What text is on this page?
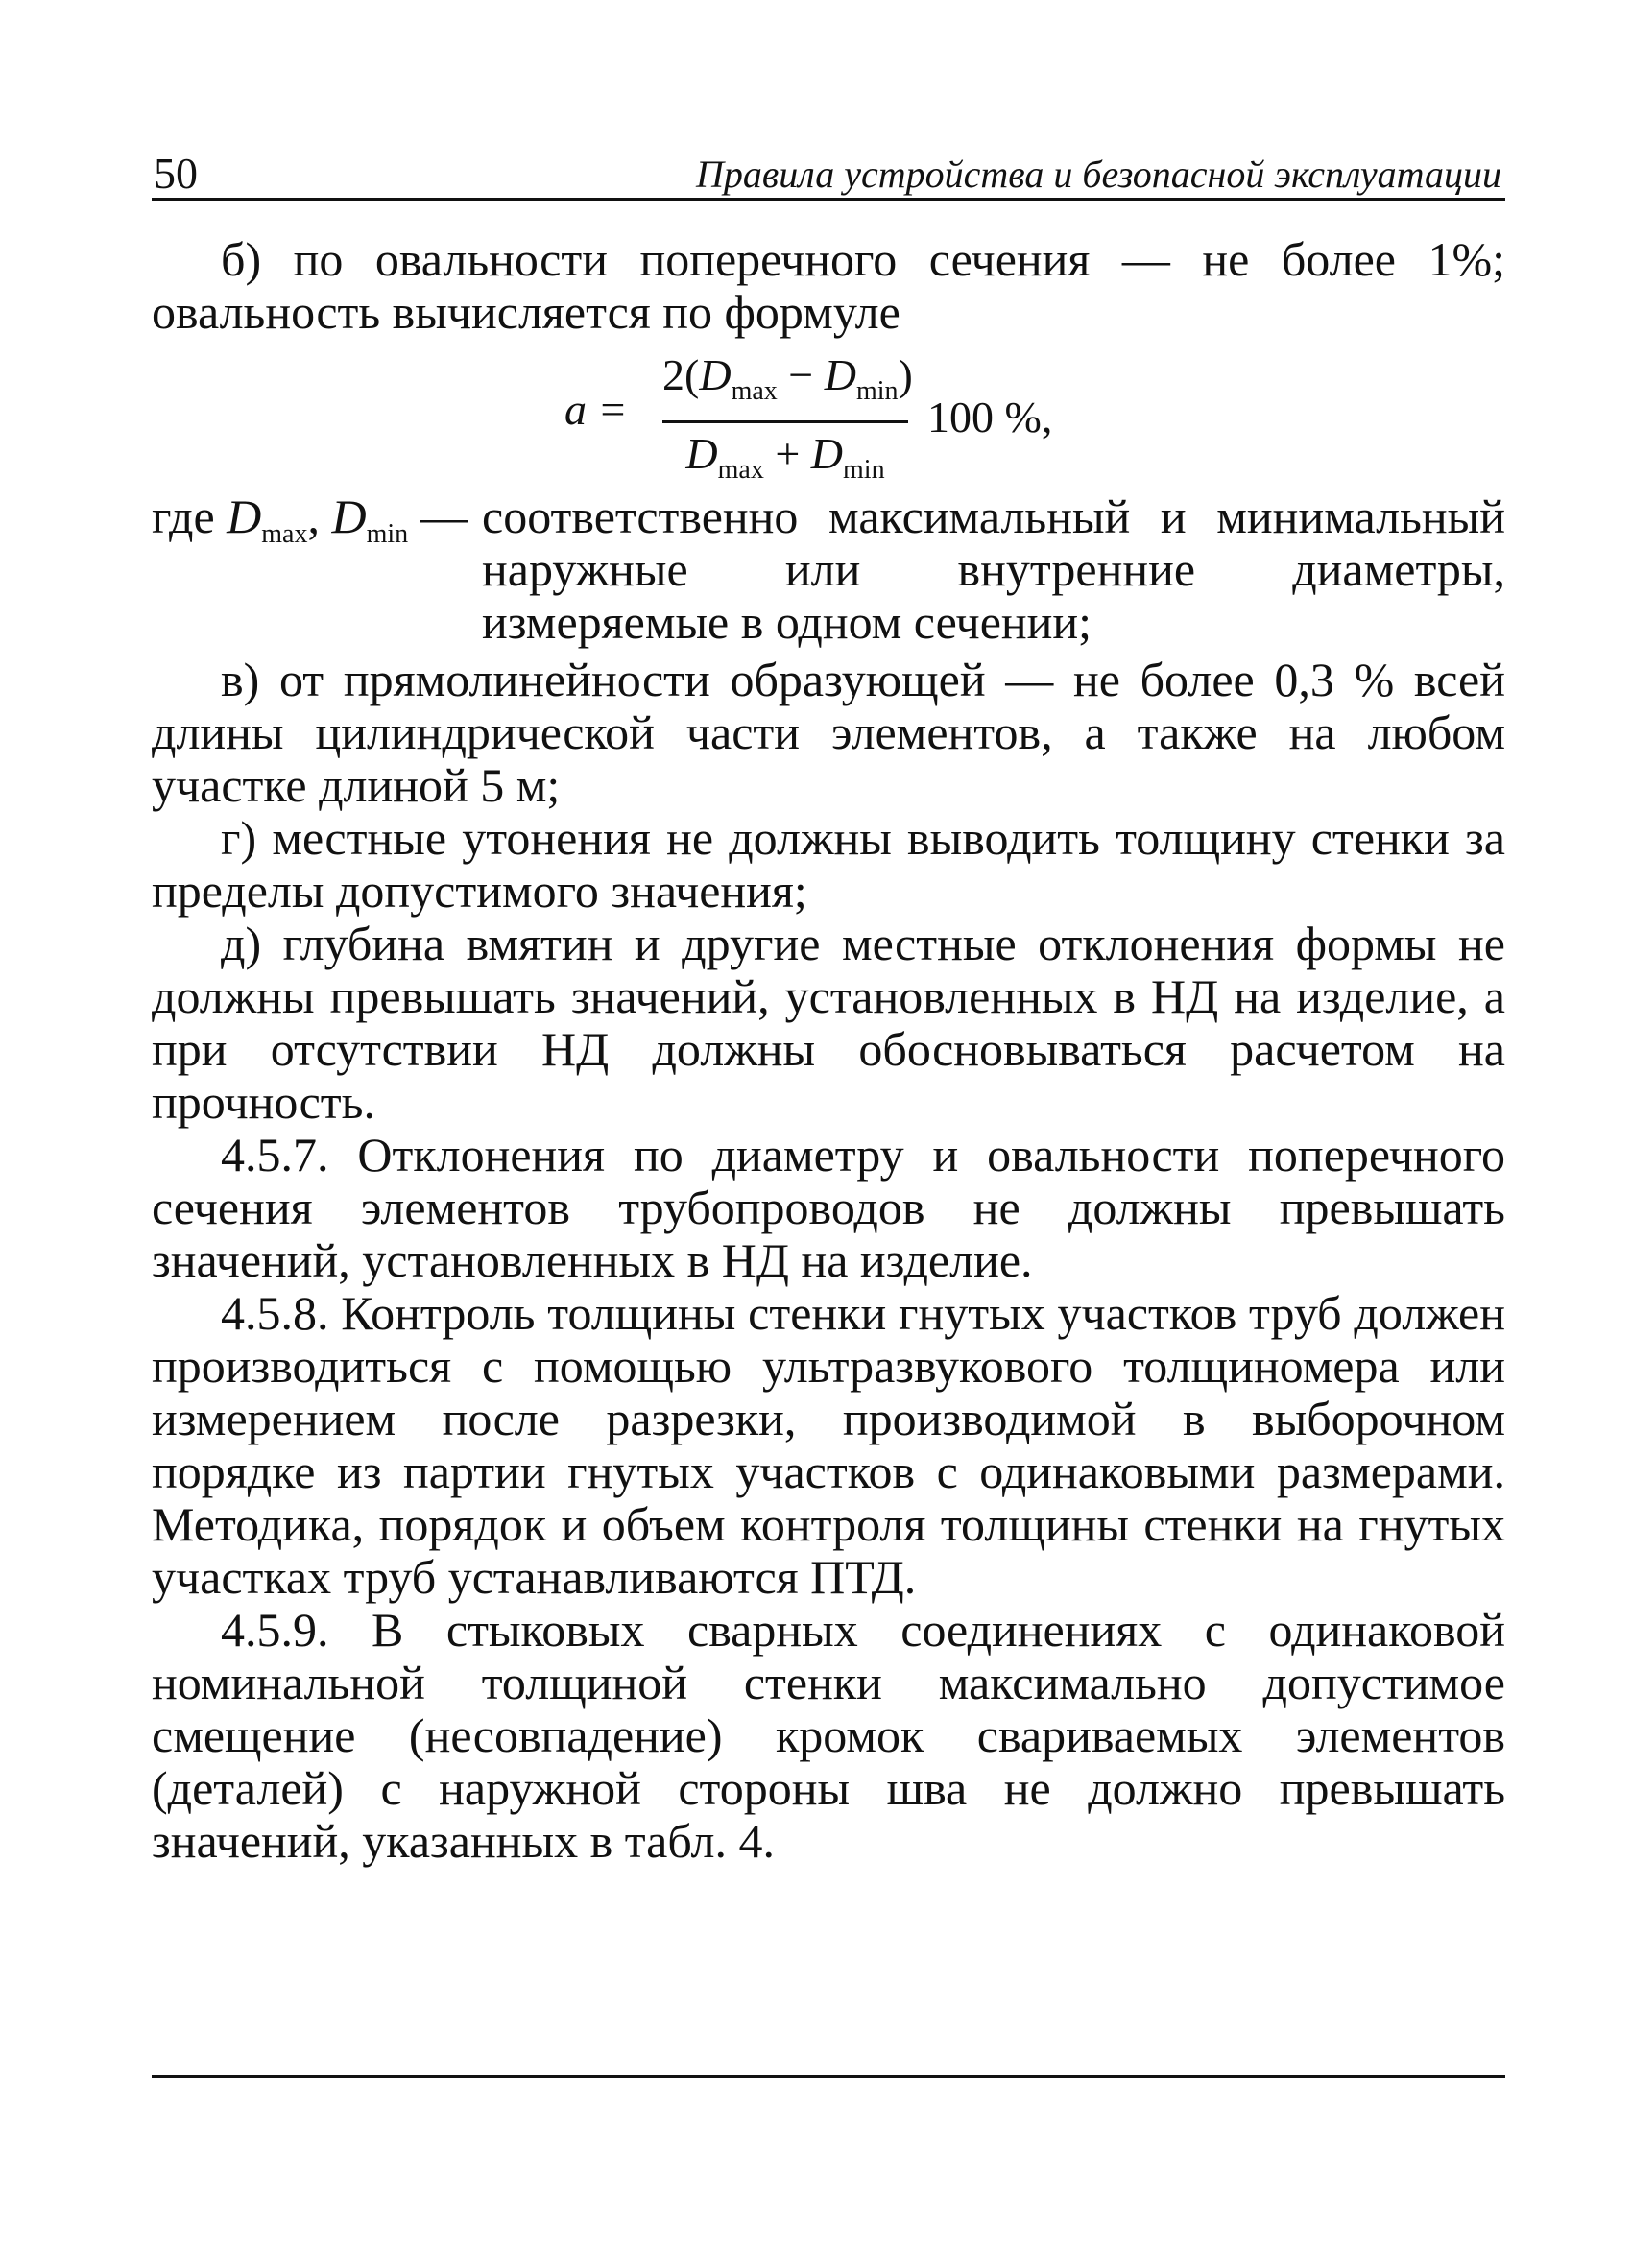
50	Правила устройства и безопасной эксплуатации

б) по овальности поперечного сечения — не более 1%; овальность вычисляется по формуле

a =
$2(D_{max} - D_{min})$
$D_{max} + D_{min}$
100 %,
где $D_{max}$, $D_{min}$ — соответственно максимальный и минимальный наружные или внутренние диаметры, измеряемые в одном сечении;

в) от прямолинейности образующей — не более 0,3 % всей длины цилиндрической части элементов, а также на любом участке длиной 5 м;

г) местные утонения не должны выводить толщину стенки за пределы допустимого значения;

д) глубина вмятин и другие местные отклонения формы не должны превышать значений, установленных в НД на изделие, а при отсутствии НД должны обосновываться расчетом на прочность.

4.5.7. Отклонения по диаметру и овальности поперечного сечения элементов трубопроводов не должны превышать значений, установленных в НД на изделие.

4.5.8. Контроль толщины стенки гнутых участков труб должен производиться с помощью ультразвукового толщиномера или измерением после разрезки, производимой в выборочном порядке из партии гнутых участков с одинаковыми размерами. Методика, порядок и объем контроля толщины стенки на гнутых участках труб устанавливаются ПТД.

4.5.9. В стыковых сварных соединениях с одинаковой номинальной толщиной стенки максимально допустимое смещение (несовпадение) кромок свариваемых элементов (деталей) с наружной стороны шва не должно превышать значений, указанных в табл. 4.
